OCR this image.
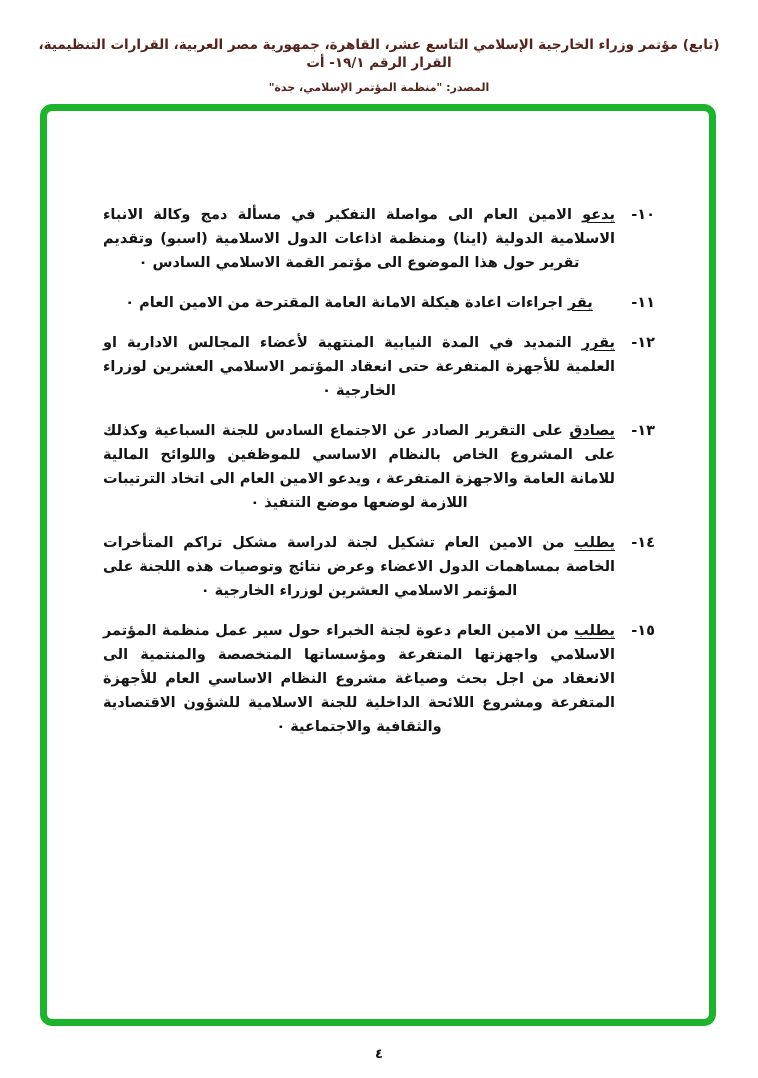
(تابع) مؤتمر وزراء الخارجية الإسلامي التاسع عشر، القاهرة، جمهورية مصر العربية، القرارات التنظيمية، القرار الرقم ١٩/١- أت
المصدر: "منظمة المؤتمر الإسلامي، جدة"
١٠-

يدعو الامين العام الى مواصلة التفكير في مسألة دمج وكالة الانباء الاسلامية الدولية (اينا) ومنظمة اذاعات الدول الاسلامية (اسبو) وتقديم تقرير حول هذا الموضوع الى مؤتمر القمة الاسلامي السادس ٠

١١-

يقر اجراءات اعادة هيكلة الامانة العامة المقترحة من الامين العام ٠

١٢-

يقرر التمديد في المدة النيابية المنتهية لأعضاء المجالس الادارية او العلمية للأجهزة المتفرعة حتى انعقاد المؤتمر الاسلامي العشرين لوزراء الخارجية ٠

١٣-

يصادق على التقرير الصادر عن الاجتماع السادس للجنة السباعية وكذلك على المشروع الخاص بالنظام الاساسي للموظفين واللوائح المالية للامانة العامة والاجهزة المتفرعة ، ويدعو الامين العام الى اتخاد الترتيبات اللازمة لوضعها موضع التنفيذ ٠

١٤-

يطلب من الامين العام تشكيل لجنة لدراسة مشكل تراكم المتأخرات الخاصة بمساهمات الدول الاعضاء وعرض نتائج وتوصيات هذه اللجنة على المؤتمر الاسلامي العشرين لوزراء الخارجية ٠

١٥-

يطلب من الامين العام دعوة لجنة الخبراء حول سير عمل منظمة المؤتمر الاسلامي واجهزتها المتفرعة ومؤسساتها المتخصصة والمنتمية الى الانعقاد من اجل بحث وصياغة مشروع النظام الاساسي العام للأجهزة المتفرعة ومشروع اللائحة الداخلية للجنة الاسلامية للشؤون الاقتصادية والثقافية والاجتماعية ٠

٤
